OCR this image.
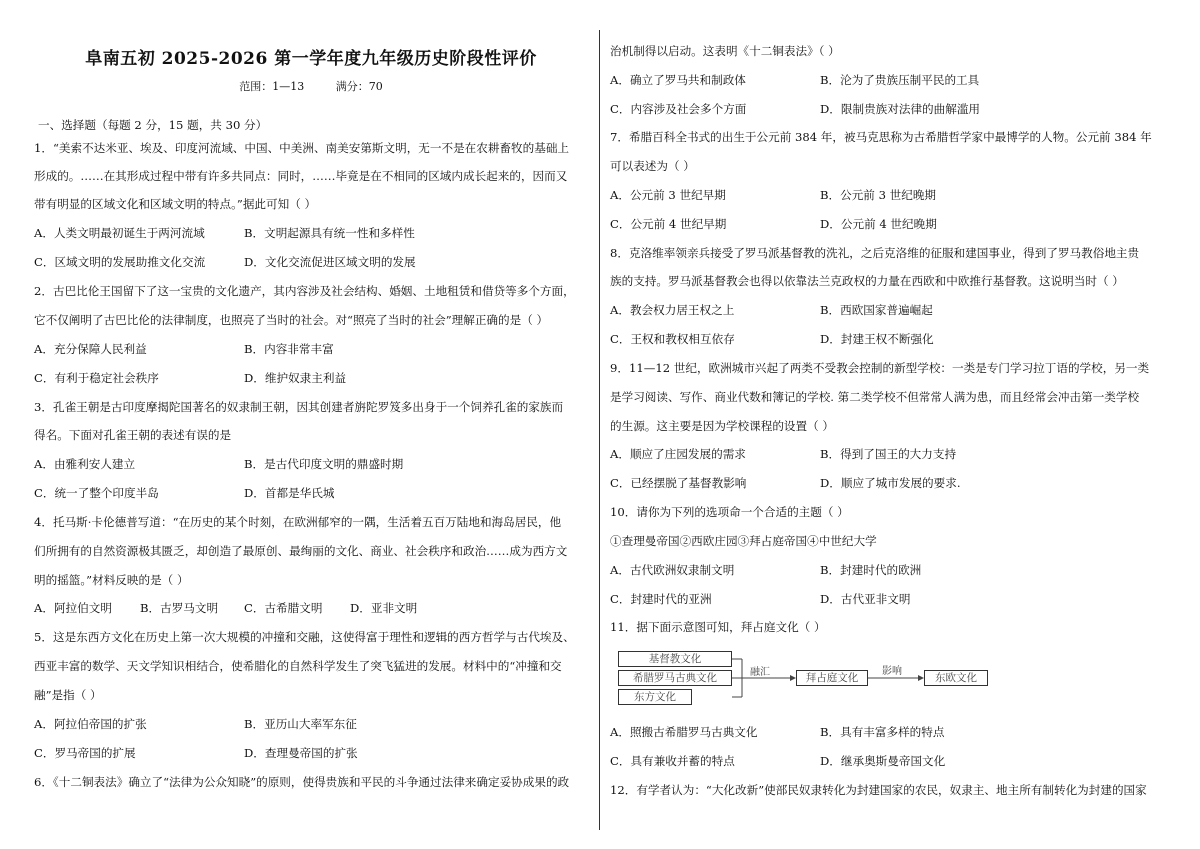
阜南五初 2025-2026 第一学年度九年级历史阶段性评价
范围：1—13	满分：70
一、选择题（每题 2 分，15 题，共 30 分）
1．“美索不达米亚、埃及、印度河流域、中国、中美洲、南美安第斯文明，无一不是在农耕畜牧的基础上
形成的。……在其形成过程中带有许多共同点：同时，……毕竟是在不相同的区域内成长起来的，因而又
带有明显的区域文化和区域文明的特点。”据此可知（ ）
A．人类文明最初诞生于两河流域	B．文明起源具有统一性和多样性
C．区域文明的发展助推文化交流	D．文化交流促进区域文明的发展
2．古巴比伦王国留下了这一宝贵的文化遗产，其内容涉及社会结构、婚姻、土地租赁和借贷等多个方面，
它不仅阐明了古巴比伦的法律制度，也照亮了当时的社会。对“照亮了当时的社会”理解正确的是（ ）
A．充分保障人民利益	B．内容非常丰富
C．有利于稳定社会秩序	D．维护奴隶主利益
3．孔雀王朝是古印度摩揭陀国著名的奴隶制王朝，因其创建者旃陀罗笈多出身于一个饲养孔雀的家族而
得名。下面对孔雀王朝的表述有误的是
A．由雅利安人建立	B．是古代印度文明的鼎盛时期
C．统一了整个印度半岛	D．首都是华氏城
4．托马斯·卡伦德普写道：“在历史的某个时刻，在欧洲郁窄的一隅，生活着五百万陆地和海岛居民，他
们所拥有的自然资源极其匮乏，却创造了最原创、最绚丽的文化、商业、社会秩序和政治……成为西方文
明的摇篮。”材料反映的是（ ）
A．阿拉伯文明 B．古罗马文明 C．古希腊文明 D．亚非文明
5．这是东西方文化在历史上第一次大规模的冲撞和交融，这使得富于理性和逻辑的西方哲学与古代埃及、
西亚丰富的数学、天文学知识相结合，使希腊化的自然科学发生了突飞猛进的发展。材料中的“冲撞和交
融”是指（ ）
A．阿拉伯帝国的扩张	B．亚历山大率军东征
C．罗马帝国的扩展	D．查理曼帝国的扩张
6．《十二铜表法》确立了“法律为公众知晓”的原则，使得贵族和平民的斗争通过法律来确定妥协成果的政
治机制得以启动。这表明《十二铜表法》（ ）
A．确立了罗马共和制政体	B．沦为了贵族压制平民的工具
C．内容涉及社会多个方面	D．限制贵族对法律的曲解滥用
7．希腊百科全书式的出生于公元前 384 年，被马克思称为古希腊哲学家中最博学的人物。公元前 384 年
可以表述为（ ）
A．公元前 3 世纪早期	B．公元前 3 世纪晚期
C．公元前 4 世纪早期	D．公元前 4 世纪晚期
8．克洛维率领亲兵接受了罗马派基督教的洗礼，之后克洛维的征服和建国事业，得到了罗马教俗地主贵
族的支持。罗马派基督教会也得以依靠法兰克政权的力量在西欧和中欧推行基督教。这说明当时（ ）
A．教会权力居王权之上	B．西欧国家普遍崛起
C．王权和教权相互依存	D．封建王权不断强化
9．11—12 世纪，欧洲城市兴起了两类不受教会控制的新型学校：一类是专门学习拉丁语的学校，另一类
是学习阅读、写作、商业代数和簿记的学校. 第二类学校不但常常人满为患，而且经常会冲击第一类学校
的生源。这主要是因为学校课程的设置（ ）
A．顺应了庄园发展的需求	B．得到了国王的大力支持
C．已经摆脱了基督教影响	D．顺应了城市发展的要求.
10．请你为下列的选项命一个合适的主题（ ）
①查理曼帝国②西欧庄园③拜占庭帝国④中世纪大学
A．古代欧洲奴隶制文明	B．封建时代的欧洲
C．封建时代的亚洲	D．古代亚非文明
11．据下面示意图可知，拜占庭文化（ ）
基督教文化
希腊罗马古典文化
东方文化
融汇	拜占庭文化
影响
东欧文化
A．照搬古希腊罗马古典文化	B．具有丰富多样的特点
C．具有兼收并蓄的特点	D．继承奥斯曼帝国文化
12．有学者认为：“大化改新”使部民奴隶转化为封建国家的农民，奴隶主、地主所有制转化为封建的国家
